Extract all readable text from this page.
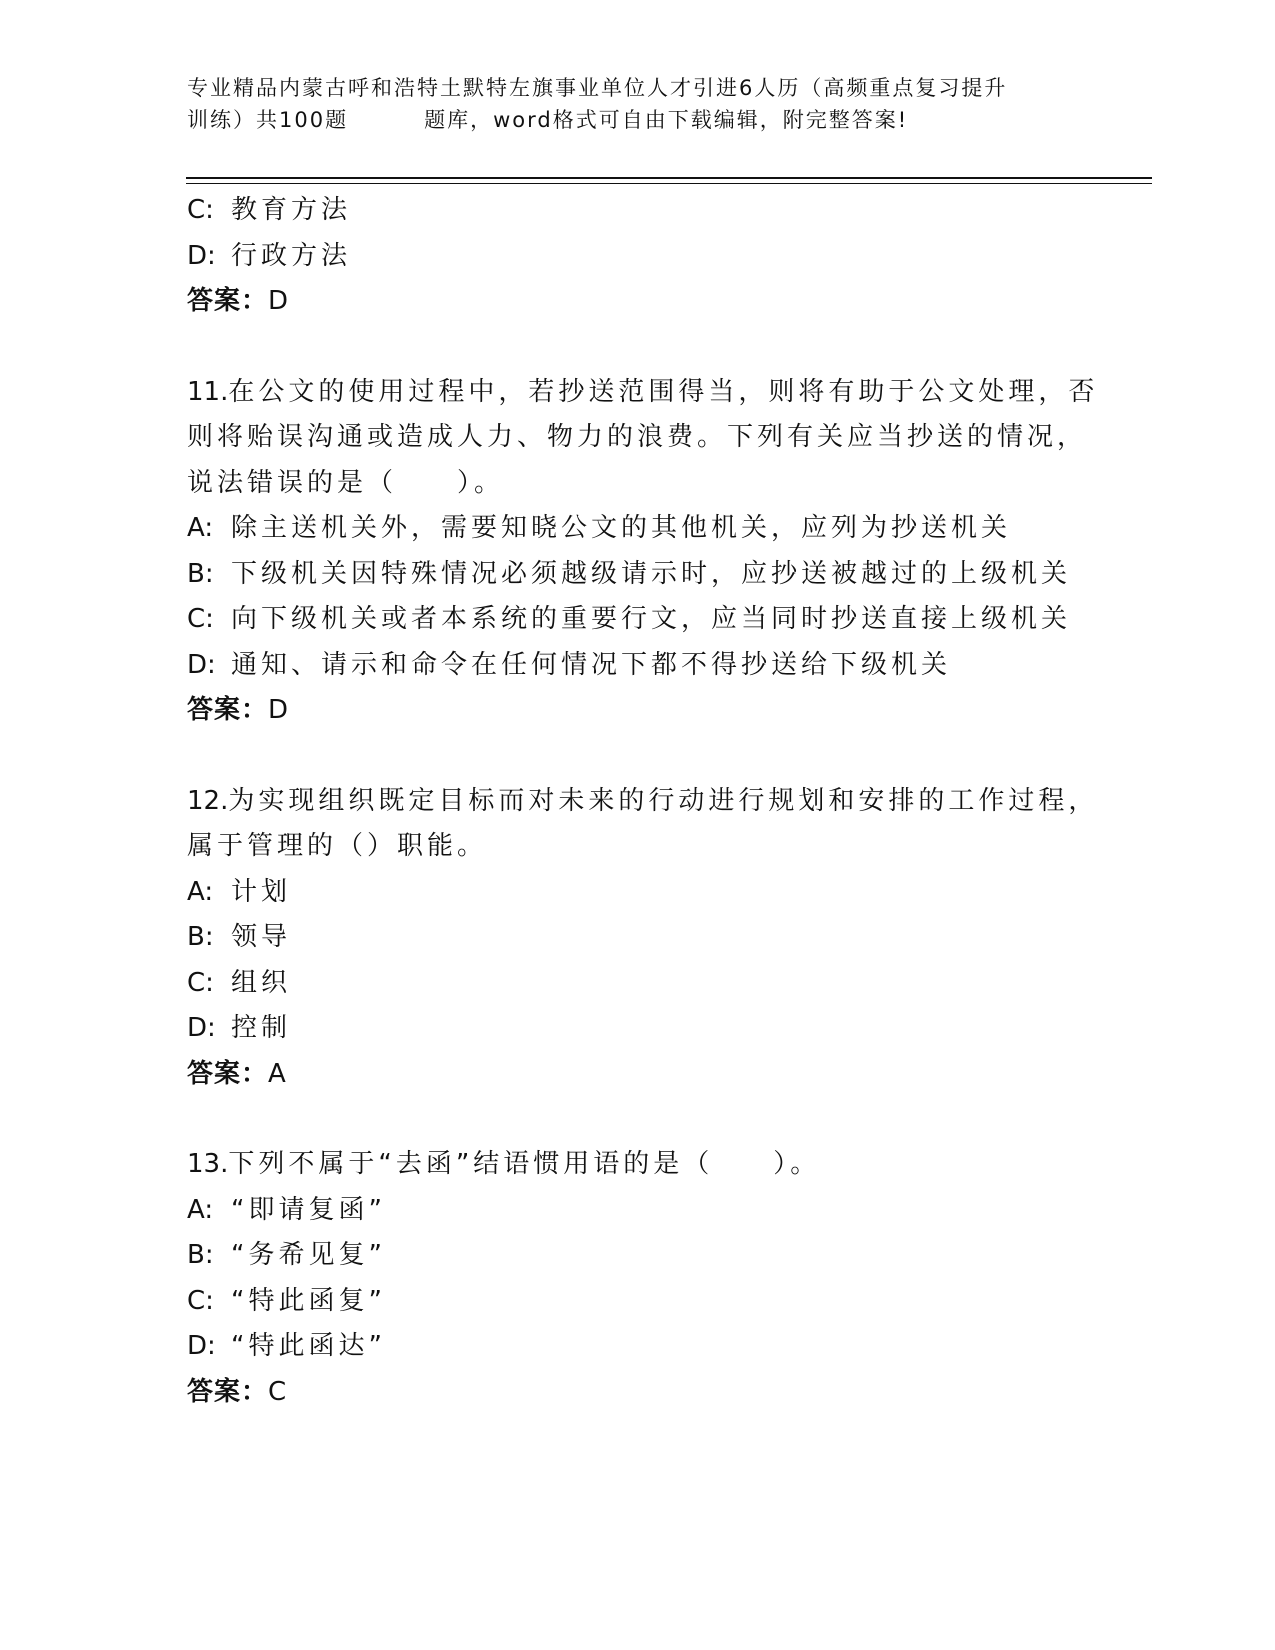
专业精品内蒙古呼和浩特土默特左旗事业单位人才引进6人历（高频重点复习提升
训练）共100题	题库，word格式可自由下载编辑，附完整答案!
C: 教育方法
D: 行政方法
答案：D
11.在公文的使用过程中，若抄送范围得当，则将有助于公文处理，否
则将贻误沟通或造成人力、物力的浪费。下列有关应当抄送的情况，
说法错误的是（　　）。
A: 除主送机关外，需要知晓公文的其他机关，应列为抄送机关
B: 下级机关因特殊情况必须越级请示时，应抄送被越过的上级机关
C: 向下级机关或者本系统的重要行文，应当同时抄送直接上级机关
D: 通知、请示和命令在任何情况下都不得抄送给下级机关
答案：D
12.为实现组织既定目标而对未来的行动进行规划和安排的工作过程，
属于管理的（）职能。
A: 计划
B: 领导
C: 组织
D: 控制
答案：A
13.下列不属于“去函”结语惯用语的是（　　）。
A: “即请复函”
B: “务希见复”
C: “特此函复”
D: “特此函达”
答案：C
